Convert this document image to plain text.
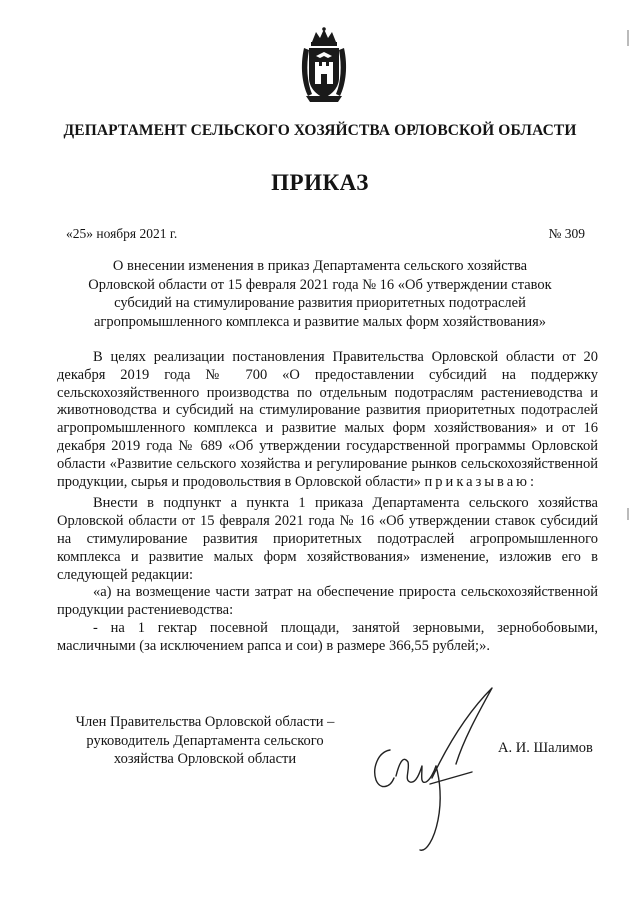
ДЕПАРТАМЕНТ СЕЛЬСКОГО ХОЗЯЙСТВА ОРЛОВСКОЙ ОБЛАСТИ
ПРИКАЗ
«25» ноября 2021 г.	№ 309
О внесении изменения в приказ Департамента сельского хозяйства
Орловской области от 15 февраля 2021 года № 16 «Об утверждении ставок
субсидий на стимулирование развития приоритетных подотраслей
агропромышленного комплекса и развитие малых форм хозяйствования»

В целях реализации постановления Правительства Орловской области от 20 декабря 2019 года № 700 «О предоставлении субсидий на поддержку сельскохозяйственного производства по отдельным подотраслям растениеводства и животноводства и субсидий на стимулирование развития приоритетных подотраслей агропромышленного комплекса и развитие малых форм хозяйствования» и от 16 декабря 2019 года № 689 «Об утверждении государственной программы Орловской области «Развитие сельского хозяйства и регулирование рынков сельскохозяйственной продукции, сырья и продовольствия в Орловской области» приказываю:

Внести в подпункт а пункта 1 приказа Департамента сельского хозяйства Орловской области от 15 февраля 2021 года № 16 «Об утверждении ставок субсидий на стимулирование развития приоритетных подотраслей агропромышленного комплекса и развитие малых форм хозяйствования» изменение, изложив его в следующей редакции:

«а) на возмещение части затрат на обеспечение прироста сельскохозяйственной продукции растениеводства:

- на 1 гектар посевной площади, занятой зерновыми, зернобобовыми, масличными (за исключением рапса и сои) в размере 366,55 рублей;».

Член Правительства Орловской области –
руководитель Департамента сельского
хозяйства Орловской области
А. И. Шалимов
